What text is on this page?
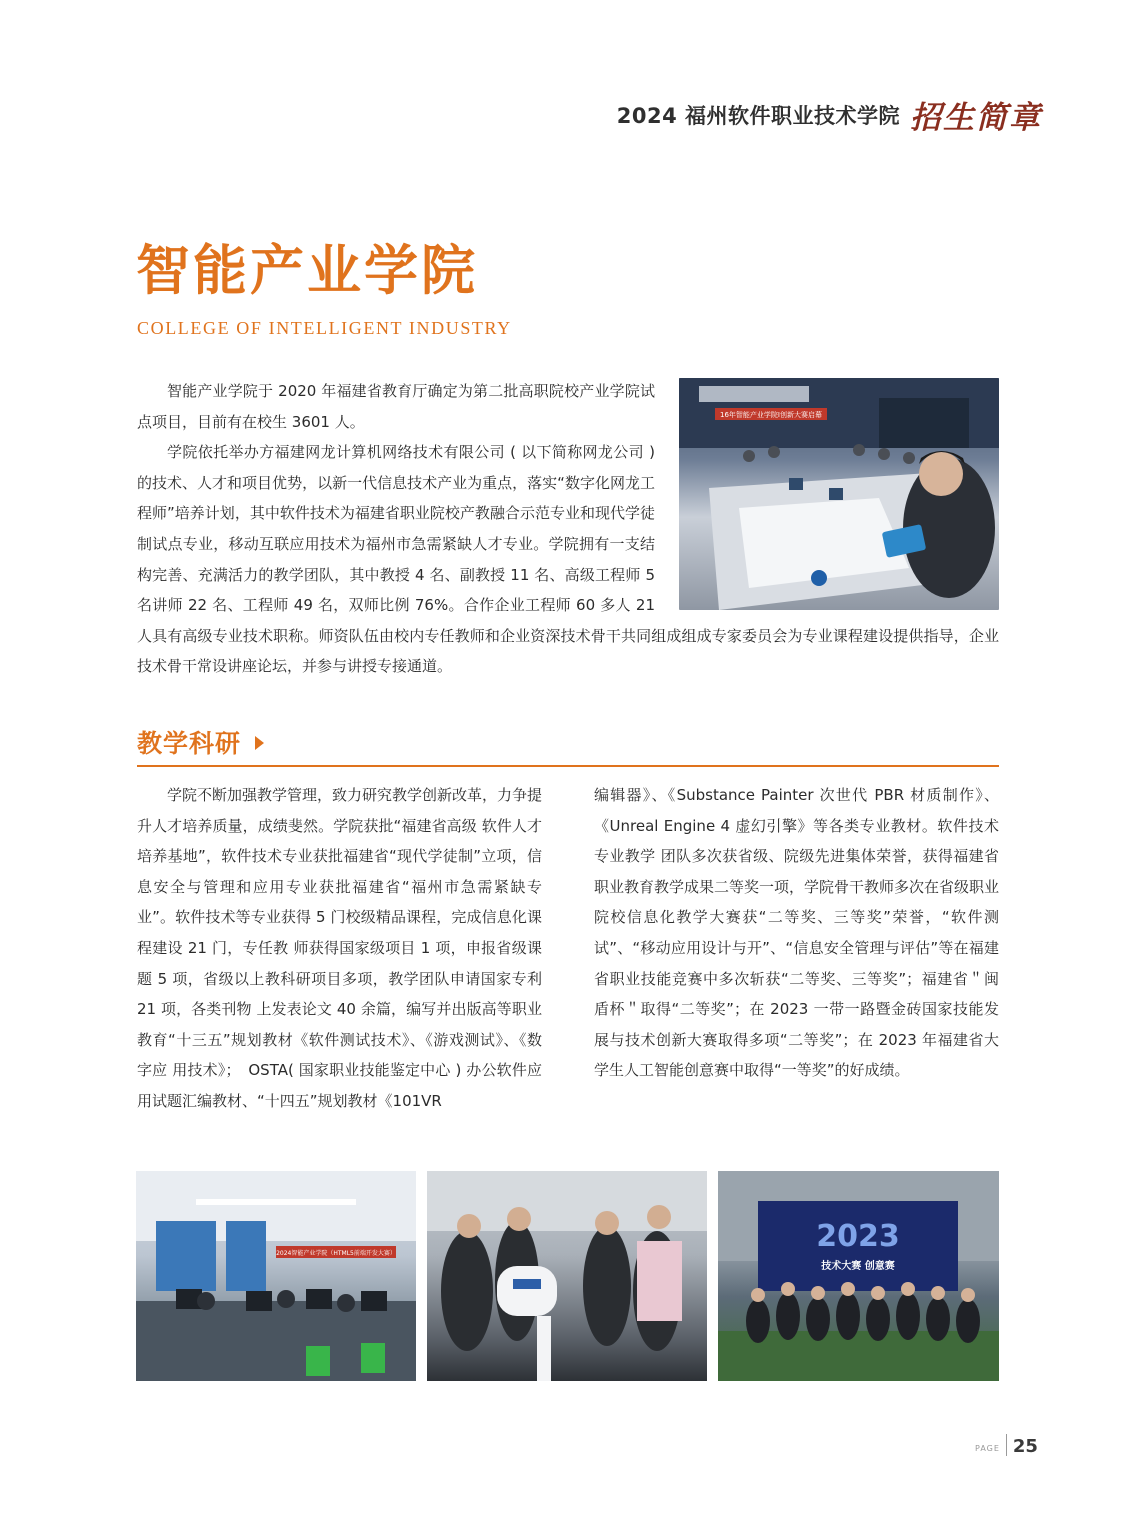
2024 福州软件职业技术学院 招生简章
智能产业学院
COLLEGE OF INTELLIGENT INDUSTRY
16年智能产业学院Ⅰ创新大赛启幕

智能产业学院于 2020 年福建省教育厅确定为第二批高职院校产业学院试点项目，目前有在校生 3601 人。

学院依托举办方福建网龙计算机网络技术有限公司 ( 以下简称网龙公司 ) 的技术、人才和项目优势，以新一代信息技术产业为重点，落实“数字化网龙工程师”培养计划，其中软件技术为福建省职业院校产教融合示范专业和现代学徒制试点专业，移动互联应用技术为福州市急需紧缺人才专业。学院拥有一支结构完善、充满活力的教学团队，其中教授 4 名、副教授 11 名、高级工程师 5 名讲师 22 名、工程师 49 名，双师比例 76%。合作企业工程师 60 多人 21 人具有高级专业技术职称。师资队伍由校内专任教师和企业资深技术骨干共同组成组成专家委员会为专业课程建设提供指导，企业技术骨干常设讲座论坛，并参与讲授专接通道。

教学科研

学院不断加强教学管理，致力研究教学创新改革，力争提升人才培养质量，成绩斐然。学院获批“福建省高级 软件人才培养基地”，软件技术专业获批福建省“现代学徒制”立项，信息安全与管理和应用专业获批福建省“福州市急需紧缺专业”。软件技术等专业获得 5 门校级精品课程，完成信息化课程建设 21 门，专任教 师获得国家级项目 1 项，申报省级课题 5 项，省级以上教科研项目多项，教学团队申请国家专利 21 项，各类刊物 上发表论文 40 余篇，编写并出版高等职业教育“十三五”规划教材《软件测试技术》、《游戏测试》、《数字应 用技术》；　OSTA( 国家职业技能鉴定中心 ) 办公软件应用试题汇编教材、“十四五”规划教材《101VR

编辑器》、《Substance Painter 次世代 PBR 材质制作》、《Unreal Engine 4 虚幻引擎》等各类专业教材。软件技术专业教学 团队多次获省级、院级先进集体荣誉，获得福建省职业教育教学成果二等奖一项，学院骨干教师多次在省级职业院校信息化教学大赛获“二等奖、三等奖”荣誉，“软件测试”、“移动应用设计与开”、“信息安全管理与评估”等在福建省职业技能竞赛中多次斩获“二等奖、三等奖”；福建省＂闽盾杯＂取得“二等奖”；在 2023 一带一路暨金砖国家技能发展与技术创新大赛取得多项“二等奖”；在 2023 年福建省大学生人工智能创意赛中取得“一等奖”的好成绩。

2024智能产业学院（HTML5前端开发大赛）	2023
技术大赛 创意赛
PAGE 25
